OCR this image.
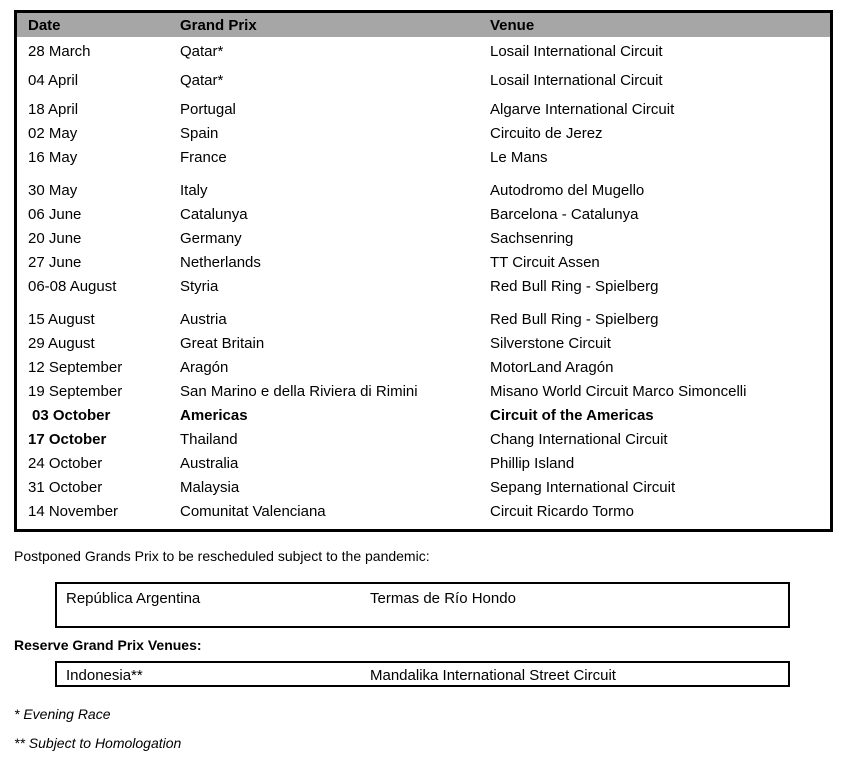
Date	Grand Prix	Venue
28 March	Qatar*	Losail International Circuit
04 April	Qatar*	Losail International Circuit
18 April	Portugal	Algarve International Circuit
02 May	Spain	Circuito de Jerez
16 May	France	Le Mans
30 May	Italy	Autodromo del Mugello
06 June	Catalunya	Barcelona - Catalunya
20 June	Germany	Sachsenring
27 June	Netherlands	TT Circuit Assen
06-08 August	Styria	Red Bull Ring - Spielberg
15 August	Austria	Red Bull Ring - Spielberg
29 August	Great Britain	Silverstone Circuit
12 September	Aragón	MotorLand Aragón
19 September	San Marino e della Riviera di Rimini	Misano World Circuit Marco Simoncelli
03 October	Americas	Circuit of the Americas
17 October	Thailand	Chang International Circuit
24 October	Australia	Phillip Island
31 October	Malaysia	Sepang International Circuit
14 November	Comunitat Valenciana	Circuit Ricardo Tormo
Postponed Grands Prix to be rescheduled subject to the pandemic:
República Argentina	Termas de Río Hondo
Reserve Grand Prix Venues:
Indonesia**	Mandalika International Street Circuit
* Evening Race
** Subject to Homologation
